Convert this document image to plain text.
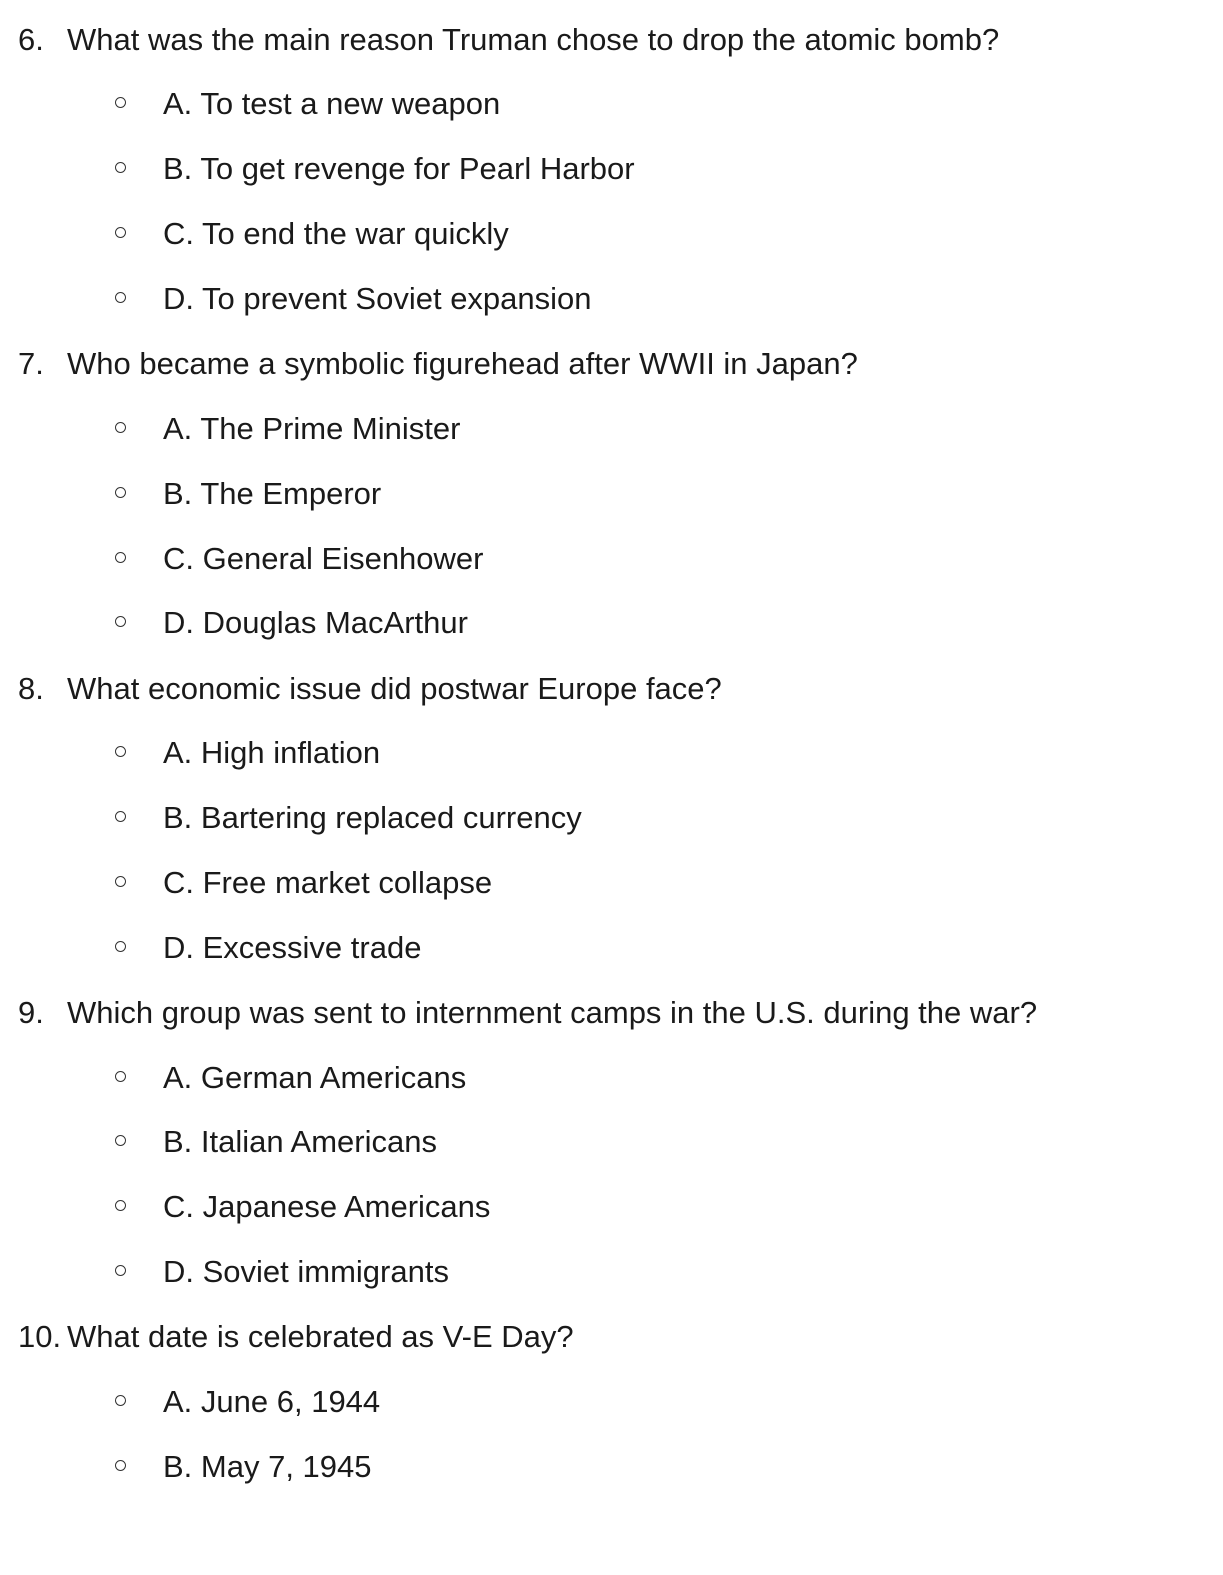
6. What was the main reason Truman chose to drop the atomic bomb?
A. To test a new weapon
B. To get revenge for Pearl Harbor
C. To end the war quickly
D. To prevent Soviet expansion
7. Who became a symbolic figurehead after WWII in Japan?
A. The Prime Minister
B. The Emperor
C. General Eisenhower
D. Douglas MacArthur
8. What economic issue did postwar Europe face?
A. High inflation
B. Bartering replaced currency
C. Free market collapse
D. Excessive trade
9. Which group was sent to internment camps in the U.S. during the war?
A. German Americans
B. Italian Americans
C. Japanese Americans
D. Soviet immigrants
10. What date is celebrated as V-E Day?
A. June 6, 1944
B. May 7, 1945
